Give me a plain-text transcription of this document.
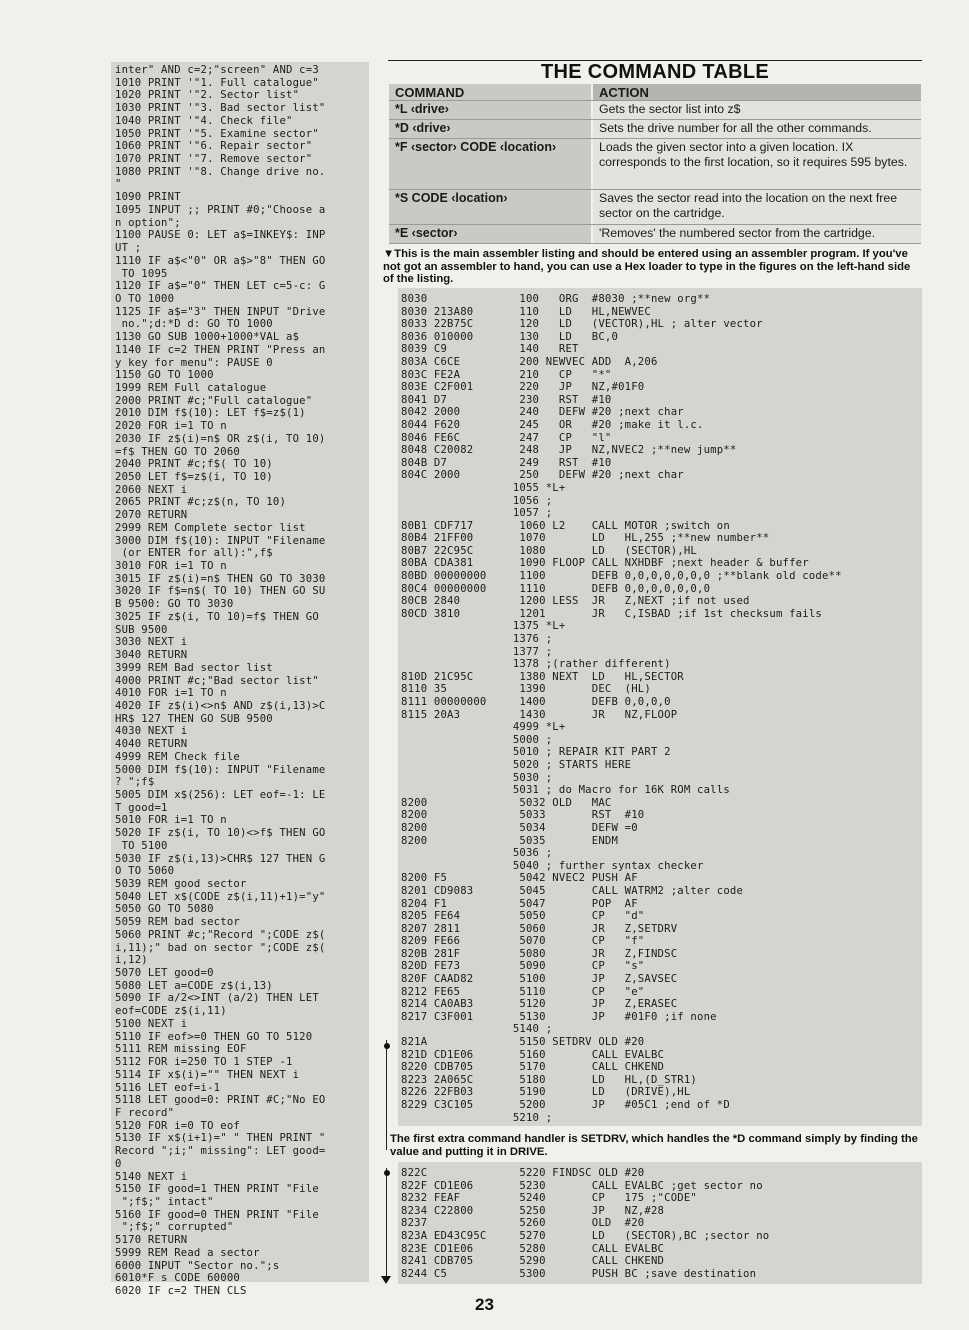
inter" AND c=2;"screen" AND c=3
1010 PRINT '"1. Full catalogue"
1020 PRINT '"2. Sector list"
1030 PRINT '"3. Bad sector list"
1040 PRINT '"4. Check file"
1050 PRINT '"5. Examine sector"
1060 PRINT '"6. Repair sector"
1070 PRINT '"7. Remove sector"
1080 PRINT '"8. Change drive no.
"
1090 PRINT
1095 INPUT ;; PRINT #0;"Choose a
n option";
1100 PAUSE 0: LET a$=INKEY$: INP
UT ;
1110 IF a$<"0" OR a$>"8" THEN GO
TO 1095
1120 IF a$="0" THEN LET c=5-c: G
O TO 1000
1125 IF a$="3" THEN INPUT "Drive
no.";d:*D d: GO TO 1000
1130 GO SUB 1000+1000*VAL a$
1140 IF c=2 THEN PRINT "Press an
y key for menu": PAUSE 0
1150 GO TO 1000
1999 REM Full catalogue
2000 PRINT #c;"Full catalogue"
2010 DIM f$(10): LET f$=z$(1)
2020 FOR i=1 TO n
2030 IF z$(i)=n$ OR z$(i, TO 10)
=f$ THEN GO TO 2060
2040 PRINT #c;f$( TO 10)
2050 LET f$=z$(i, TO 10)
2060 NEXT i
2065 PRINT #c;z$(n, TO 10)
2070 RETURN
2999 REM Complete sector list
3000 DIM f$(10): INPUT "Filename
(or ENTER for all):",f$
3010 FOR i=1 TO n
3015 IF z$(i)=n$ THEN GO TO 3030
3020 IF f$=n$( TO 10) THEN GO SU
B 9500: GO TO 3030
3025 IF z$(i, TO 10)=f$ THEN GO
SUB 9500
3030 NEXT i
3040 RETURN
3999 REM Bad sector list
4000 PRINT #c;"Bad sector list"
4010 FOR i=1 TO n
4020 IF z$(i)<>n$ AND z$(i,13)>C
HR$ 127 THEN GO SUB 9500
4030 NEXT i
4040 RETURN
4999 REM Check file
5000 DIM f$(10): INPUT "Filename
? ";f$
5005 DIM x$(256): LET eof=-1: LE
T good=1
5010 FOR i=1 TO n
5020 IF z$(i, TO 10)<>f$ THEN GO
TO 5100
5030 IF z$(i,13)>CHR$ 127 THEN G
O TO 5060
5039 REM good sector
5040 LET x$(CODE z$(i,11)+1)="y"
5050 GO TO 5080
5059 REM bad sector
5060 PRINT #c;"Record ";CODE z$(
i,11);" bad on sector ";CODE z$(
i,12)
5070 LET good=0
5080 LET a=CODE z$(i,13)
5090 IF a/2<>INT (a/2) THEN LET
eof=CODE z$(i,11)
5100 NEXT i
5110 IF eof>=0 THEN GO TO 5120
5111 REM missing EOF
5112 FOR i=250 TO 1 STEP -1
5114 IF x$(i)="" THEN NEXT i
5116 LET eof=i-1
5118 LET good=0: PRINT #C;"No EO
F record"
5120 FOR i=0 TO eof
5130 IF x$(i+1)=" " THEN PRINT "
Record ";i;" missing": LET good=
0
5140 NEXT i
5150 IF good=1 THEN PRINT "File
";f$;" intact"
5160 IF good=0 THEN PRINT "File
";f$;" corrupted"
5170 RETURN
5999 REM Read a sector
6000 INPUT "Sector no.";s
6010*F s CODE 60000
6020 IF c=2 THEN CLS
THE COMMAND TABLE
COMMAND	ACTION
*L ‹drive›	Gets the sector list into z$
*D ‹drive›	Sets the drive number for all the other commands.
*F ‹sector› CODE ‹location›	Loads the given sector into a given location. IX corresponds to the first location, so it requires 595 bytes.
*S CODE ‹location›	Saves the sector read into the location on the next free sector on the cartridge.
*E ‹sector›	'Removes' the numbered sector from the cartridge.
▼This is the main assembler listing and should be entered using an assembler program. If you've not got an assembler to hand, you can use a Hex loader to type in the figures on the left-hand side of the listing.
8030              100   ORG  #8030 ;**new org**
8030 213A80       110   LD   HL,NEWVEC
8033 22B75C       120   LD   (VECTOR),HL ; alter vector
8036 010000       130   LD   BC,0
8039 C9           140   RET
803A C6CE         200 NEWVEC ADD  A,206
803C FE2A         210   CP   "*"
803E C2F001       220   JP   NZ,#01F0
8041 D7           230   RST  #10
8042 2000         240   DEFW #20 ;next char
8044 F620         245   OR   #20 ;make it l.c.
8046 FE6C         247   CP   "l"
8048 C20082       248   JP   NZ,NVEC2 ;**new jump**
804B D7           249   RST  #10
804C 2000         250   DEFW #20 ;next char
1055 *L+
1056 ;
1057 ;
80B1 CDF717       1060 L2    CALL MOTOR ;switch on
80B4 21FF00       1070       LD   HL,255 ;**new number**
80B7 22C95C       1080       LD   (SECTOR),HL
80BA CDA381       1090 FLOOP CALL NXHDBF ;next header & buffer
80BD 00000000     1100       DEFB 0,0,0,0,0,0,0 ;**blank old code**
80C4 00000000     1110       DEFB 0,0,0,0,0,0,0
80CB 2840         1200 LESS  JR   Z,NEXT ;if not used
80CD 3810         1201       JR   C,ISBAD ;if 1st checksum fails
1375 *L+
1376 ;
1377 ;
1378 ;(rather different)
810D 21C95C       1380 NEXT  LD   HL,SECTOR
8110 35           1390       DEC  (HL)
8111 00000000     1400       DEFB 0,0,0,0
8115 20A3         1430       JR   NZ,FLOOP
4999 *L+
5000 ;
5010 ; REPAIR KIT PART 2
5020 ; STARTS HERE
5030 ;
5031 ; do Macro for 16K ROM calls
8200              5032 OLD   MAC
8200              5033       RST  #10
8200              5034       DEFW =0
8200              5035       ENDM
5036 ;
5040 ; further syntax checker
8200 F5           5042 NVEC2 PUSH AF
8201 CD9083       5045       CALL WATRM2 ;alter code
8204 F1           5047       POP  AF
8205 FE64         5050       CP   "d"
8207 2811         5060       JR   Z,SETDRV
8209 FE66         5070       CP   "f"
820B 281F         5080       JR   Z,FINDSC
820D FE73         5090       CP   "s"
820F CAAD82       5100       JP   Z,SAVSEC
8212 FE65         5110       CP   "e"
8214 CA0AB3       5120       JP   Z,ERASEC
8217 C3F001       5130       JP   #01F0 ;if none
5140 ;
821A              5150 SETDRV OLD #20
821D CD1E06       5160       CALL EVALBC
8220 CDB705       5170       CALL CHKEND
8223 2A065C       5180       LD   HL,(D_STR1)
8226 22FB03       5190       LD   (DRIVE),HL
8229 C3C105       5200       JP   #05C1 ;end of *D
5210 ;
The first extra command handler is SETDRV, which handles the *D command simply by finding the value and putting it in DRIVE.
822C              5220 FINDSC OLD #20
822F CD1E06       5230       CALL EVALBC ;get sector no
8232 FEAF         5240       CP   175 ;"CODE"
8234 C22800       5250       JP   NZ,#28
8237              5260       OLD  #20
823A ED43C95C     5270       LD   (SECTOR),BC ;sector no
823E CD1E06       5280       CALL EVALBC
8241 CDB705       5290       CALL CHKEND
8244 C5           5300       PUSH BC ;save destination
23
